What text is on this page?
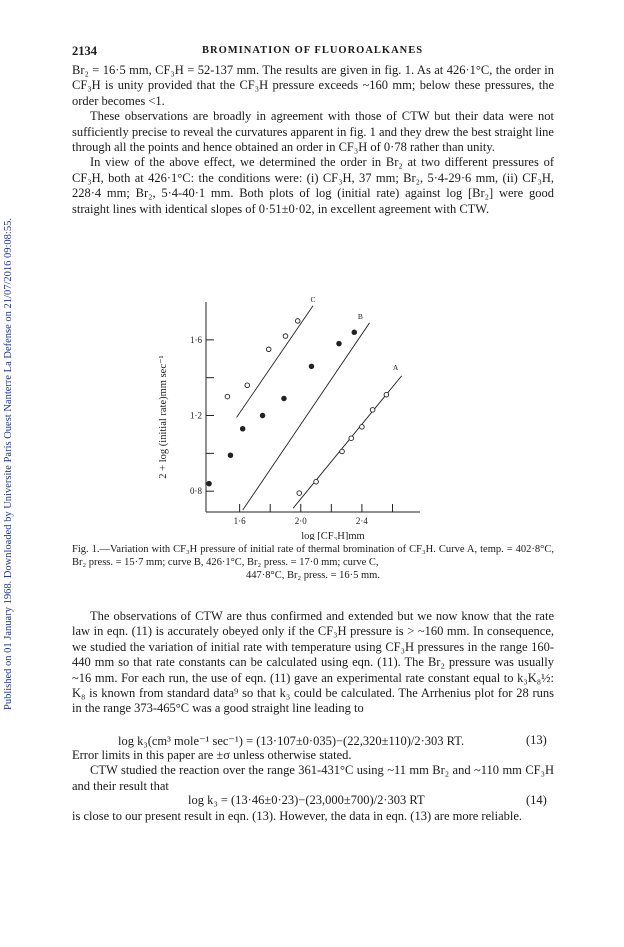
Published on 01 January 1968. Downloaded by Universite Paris Ouest Nanterre La Defense on 21/07/2016 09:08:55.
2134	BROMINATION OF FLUOROALKANES

Br₂ = 16·5 mm, CF₃H = 52-137 mm. The results are given in fig. 1. As at 426·1°C, the order in CF₃H is unity provided that the CF₃H pressure exceeds ~160 mm; below these pressures, the order becomes <1.

These observations are broadly in agreement with those of CTW but their data were not sufficiently precise to reveal the curvatures apparent in fig. 1 and they drew the best straight line through all the points and hence obtained an order in CF₃H of 0·78 rather than unity.

In view of the above effect, we determined the order in Br₂ at two different pressures of CF₃H, both at 426·1°C: the conditions were: (i) CF₃H, 37 mm; Br₂, 5·4-29·6 mm, (ii) CF₃H, 228·4 mm; Br₂, 5·4-40·1 mm. Both plots of log (initial rate) against log [Br₂] were good straight lines with identical slopes of 0·51±0·02, in excellent agreement with CTW.

1·6	2·0	2·4
0·8
1·2
1·6
log [CF₃H]mm
2 + log (initial rate)mm sec⁻¹	A
B
C
Fig. 1.—Variation with CF₃H pressure of initial rate of thermal bromination of CF₃H. Curve A, temp. = 402·8°C, Br₂ press. = 15·7 mm; curve B, 426·1°C, Br₂ press. = 17·0 mm; curve C,
447·8°C, Br₂ press. = 16·5 mm.

The observations of CTW are thus confirmed and extended but we now know that the rate law in eqn. (11) is accurately obeyed only if the CF₃H pressure is > ~160 mm. In consequence, we studied the variation of initial rate with temperature using CF₃H pressures in the range 160-440 mm so that rate constants can be calculated using eqn. (11). The Br₂ pressure was usually ~16 mm. For each run, the use of eqn. (11) gave an experimental rate constant equal to k₃K₈½: K₈ is known from standard data⁹ so that k₃ could be calculated. The Arrhenius plot for 28 runs in the range 373-465°C was a good straight line leading to

log k₃(cm³ mole⁻¹ sec⁻¹) = (13·107±0·035)−(22,320±110)/2·303 RT.	(13)

Error limits in this paper are ±σ unless otherwise stated.

CTW studied the reaction over the range 361-431°C using ~11 mm Br₂ and ~110 mm CF₃H and their result that

log k₃ = (13·46±0·23)−(23,000±700)/2·303 RT	(14)

is close to our present result in eqn. (13). However, the data in eqn. (13) are more reliable.
